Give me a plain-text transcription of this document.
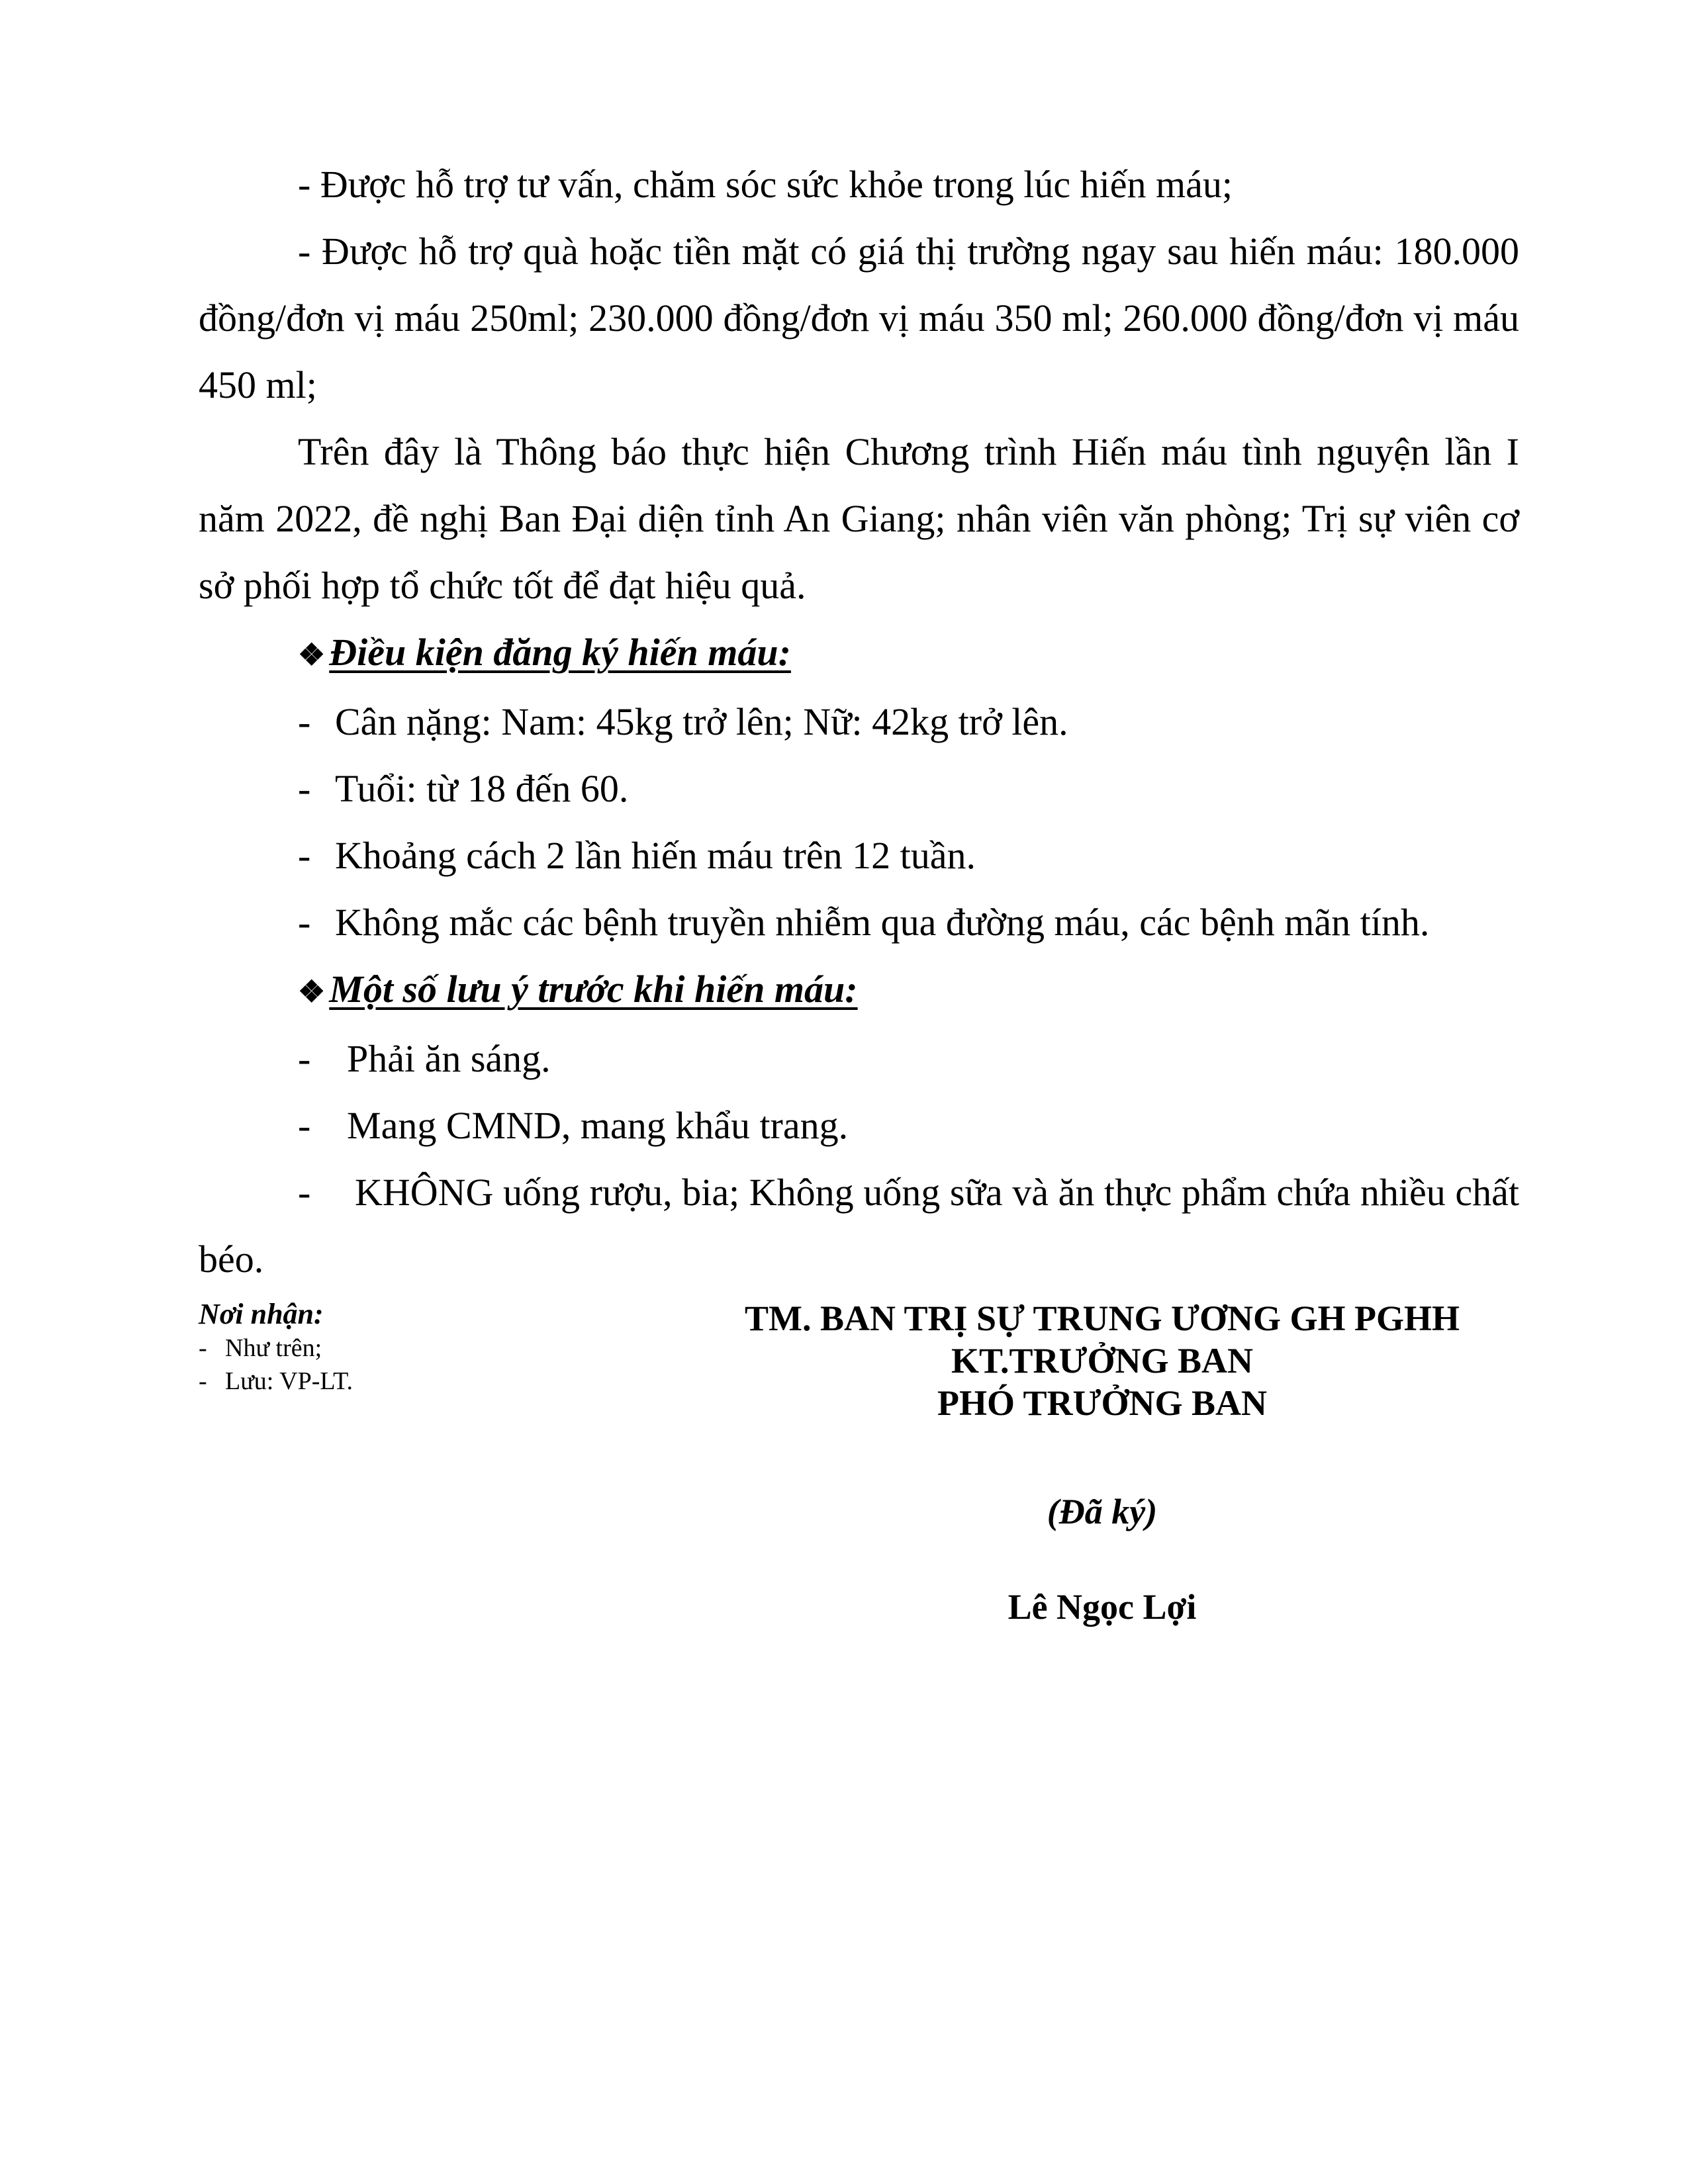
- Được hỗ trợ tư vấn, chăm sóc sức khỏe trong lúc hiến máu;

- Được hỗ trợ quà hoặc tiền mặt có giá thị trường ngay sau hiến máu: 180.000 đồng/đơn vị máu 250ml; 230.000 đồng/đơn vị máu 350 ml; 260.000 đồng/đơn vị máu 450 ml;

Trên đây là Thông báo thực hiện Chương trình Hiến máu tình nguyện lần I năm 2022, đề nghị Ban Đại diện tỉnh An Giang; nhân viên văn phòng; Trị sự viên cơ sở phối hợp tổ chức tốt để đạt hiệu quả.

❖ Điều kiện đăng ký hiến máu:

- Cân nặng: Nam: 45kg trở lên; Nữ: 42kg trở lên.
- Tuổi: từ 18 đến 60.
- Khoảng cách 2 lần hiến máu trên 12 tuần.
- Không mắc các bệnh truyền nhiễm qua đường máu, các bệnh mãn tính.

❖ Một số lưu ý trước khi hiến máu:

- Phải ăn sáng.
- Mang CMND, mang khẩu trang.

- KHÔNG uống rượu, bia; Không uống sữa và ăn thực phẩm chứa nhiều chất béo.

Nơi nhận:
- Như trên;
- Lưu: VP-LT.
TM. BAN TRỊ SỰ TRUNG ƯƠNG GH PGHH
KT.TRƯỞNG BAN
PHÓ TRƯỞNG BAN
(Đã ký)
Lê Ngọc Lợi
